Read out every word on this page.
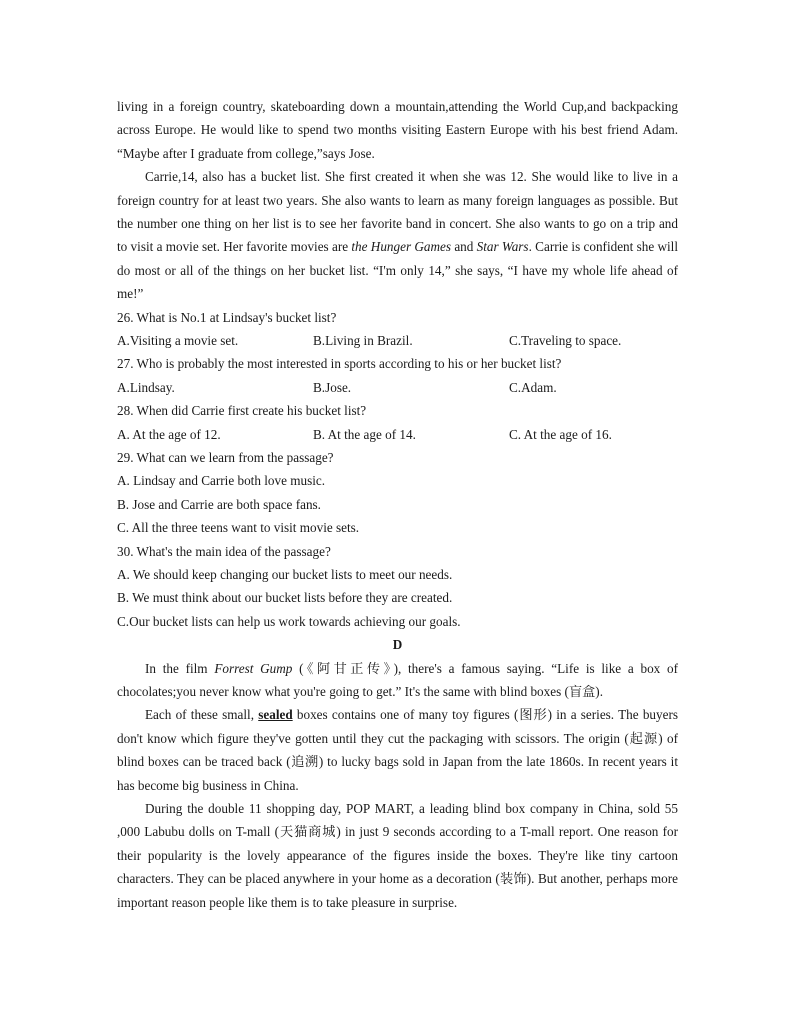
living in a foreign country, skateboarding down a mountain,attending the World Cup,and backpacking across Europe. He would like to spend two months visiting Eastern Europe with his best friend Adam. “Maybe after I graduate from college,”says Jose.

Carrie,14, also has a bucket list. She first created it when she was 12. She would like to live in a foreign country for at least two years. She also wants to learn as many foreign languages as possible. But the number one thing on her list is to see her favorite band in concert. She also wants to go on a trip and to visit a movie set. Her favorite movies are the Hunger Games and Star Wars. Carrie is confident she will do most or all of the things on her bucket list. “I'm only 14,” she says, “I have my whole life ahead of me!”

26. What is No.1 at Lindsay's bucket list?

A.Visiting a movie set.	B.Living in Brazil.	C.Traveling to space.

27. Who is probably the most interested in sports according to his or her bucket list?

A.Lindsay.	B.Jose.	C.Adam.

28. When did Carrie first create his bucket list?

A. At the age of 12.	B. At the age of 14.	C. At the age of 16.

29. What can we learn from the passage?

A. Lindsay and Carrie both love music.

B. Jose and Carrie are both space fans.

C. All the three teens want to visit movie sets.

30. What's the main idea of the passage?

A. We should keep changing our bucket lists to meet our needs.

B. We must think about our bucket lists before they are created.

C.Our bucket lists can help us work towards achieving our goals.

D

In the film Forrest Gump (《阿甘正传》), there's a famous saying. “Life is like a box of chocolates;you never know what you're going to get.” It's the same with blind boxes (盲盒).

Each of these small, sealed boxes contains one of many toy figures (图形) in a series. The buyers don't know which figure they've gotten until they cut the packaging with scissors. The origin (起源) of blind boxes can be traced back (追溯) to lucky bags sold in Japan from the late 1860s. In recent years it has become big business in China.

During the double 11 shopping day, POP MART, a leading blind box company in China, sold 55 ,000 Labubu dolls on T-mall (天猫商城) in just 9 seconds according to a T-mall report. One reason for their popularity is the lovely appearance of the figures inside the boxes. They're like tiny cartoon characters. They can be placed anywhere in your home as a decoration (装饰). But another, perhaps more important reason people like them is to take pleasure in surprise.
